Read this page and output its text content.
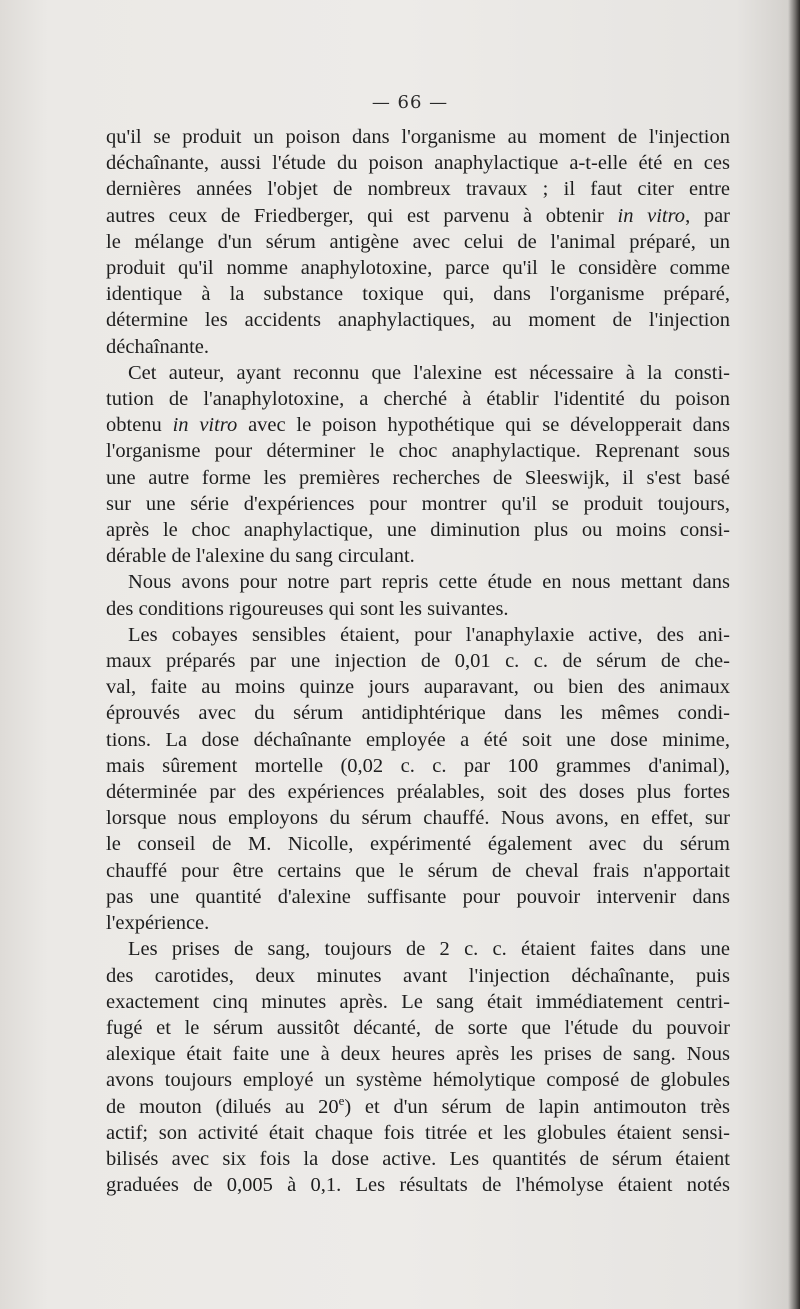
— 66 —
qu'il se produit un poison dans l'organisme au moment de l'injection
déchaînante, aussi l'étude du poison anaphylactique a-t-elle été en ces
dernières années l'objet de nombreux travaux ; il faut citer entre
autres ceux de Friedberger, qui est parvenu à obtenir in vitro, par
le mélange d'un sérum antigène avec celui de l'animal préparé, un
produit qu'il nomme anaphylotoxine, parce qu'il le considère comme
identique à la substance toxique qui, dans l'organisme préparé,
détermine les accidents anaphylactiques, au moment de l'injection
déchaînante.
Cet auteur, ayant reconnu que l'alexine est nécessaire à la consti-
tution de l'anaphylotoxine, a cherché à établir l'identité du poison
obtenu in vitro avec le poison hypothétique qui se développerait dans
l'organisme pour déterminer le choc anaphylactique. Reprenant sous
une autre forme les premières recherches de Sleeswijk, il s'est basé
sur une série d'expériences pour montrer qu'il se produit toujours,
après le choc anaphylactique, une diminution plus ou moins consi-
dérable de l'alexine du sang circulant.
Nous avons pour notre part repris cette étude en nous mettant dans
des conditions rigoureuses qui sont les suivantes.
Les cobayes sensibles étaient, pour l'anaphylaxie active, des ani-
maux préparés par une injection de 0,01 c. c. de sérum de che-
val, faite au moins quinze jours auparavant, ou bien des animaux
éprouvés avec du sérum antidiphtérique dans les mêmes condi-
tions. La dose déchaînante employée a été soit une dose minime,
mais sûrement mortelle (0,02 c. c. par 100 grammes d'animal),
déterminée par des expériences préalables, soit des doses plus fortes
lorsque nous employons du sérum chauffé. Nous avons, en effet, sur
le conseil de M. Nicolle, expérimenté également avec du sérum
chauffé pour être certains que le sérum de cheval frais n'apportait
pas une quantité d'alexine suffisante pour pouvoir intervenir dans
l'expérience.
Les prises de sang, toujours de 2 c. c. étaient faites dans une
des carotides, deux minutes avant l'injection déchaînante, puis
exactement cinq minutes après. Le sang était immédiatement centri-
fugé et le sérum aussitôt décanté, de sorte que l'étude du pouvoir
alexique était faite une à deux heures après les prises de sang. Nous
avons toujours employé un système hémolytique composé de globules
de mouton (dilués au 20e) et d'un sérum de lapin antimouton très
actif; son activité était chaque fois titrée et les globules étaient sensi-
bilisés avec six fois la dose active. Les quantités de sérum étaient
graduées de 0,005 à 0,1. Les résultats de l'hémolyse étaient notés
